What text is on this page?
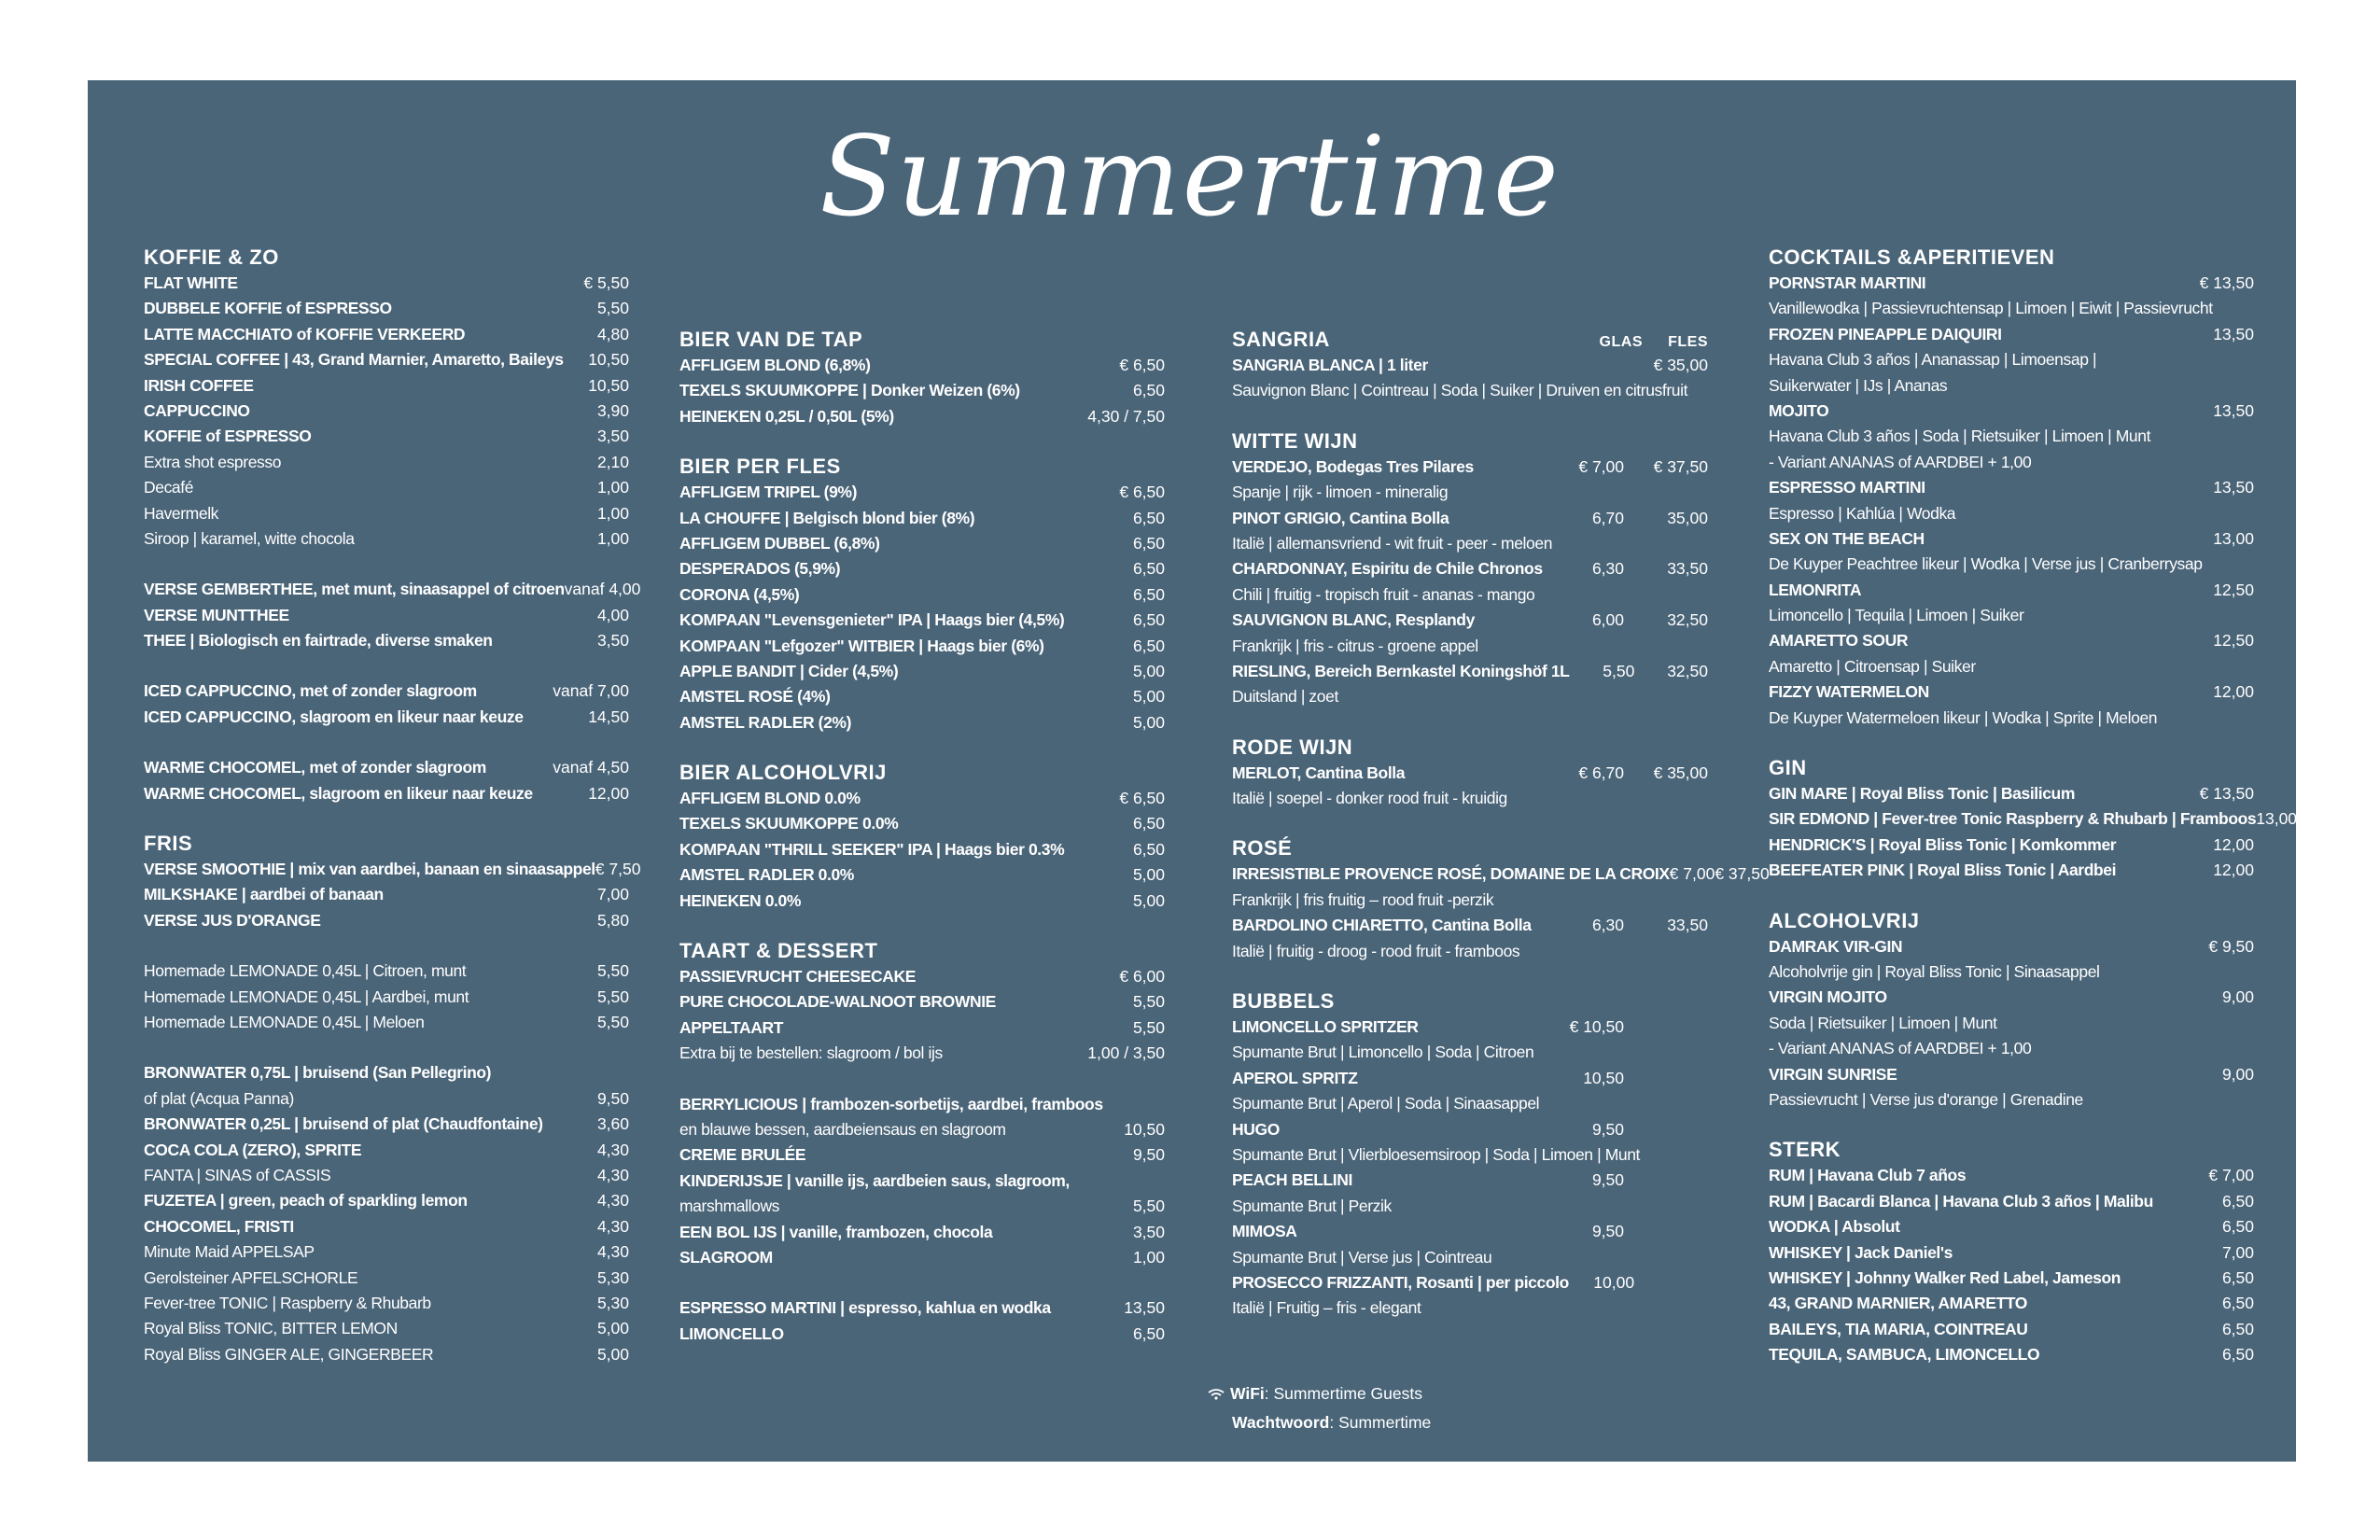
Summertime
KOFFIE & ZO
FLAT WHITE	€ 5,50
DUBBELE KOFFIE of ESPRESSO	5,50
LATTE MACCHIATO of KOFFIE VERKEERD	4,80
SPECIAL COFFEE | 43, Grand Marnier, Amaretto, Baileys	10,50
IRISH COFFEE	10,50
CAPPUCCINO	3,90
KOFFIE of ESPRESSO	3,50
Extra shot espresso	2,10
Decafé	1,00
Havermelk	1,00
Siroop | karamel, witte chocola	1,00
VERSE GEMBERTHEE, met munt, sinaasappel of citroen vanaf 4,00
VERSE MUNTTHEE	4,00
THEE | Biologisch en fairtrade, diverse smaken	3,50
ICED CAPPUCCINO, met of zonder slagroom	vanaf 7,00
ICED CAPPUCCINO, slagroom en likeur naar keuze	14,50
WARME CHOCOMEL, met of zonder slagroom	vanaf 4,50
WARME CHOCOMEL, slagroom en likeur naar keuze	12,00
FRIS
VERSE SMOOTHIE | mix van aardbei, banaan en sinaasappel € 7,50
MILKSHAKE | aardbei of banaan	7,00
VERSE JUS D'ORANGE	5,80
Homemade LEMONADE 0,45L | Citroen, munt	5,50
Homemade LEMONADE 0,45L | Aardbei, munt	5,50
Homemade LEMONADE 0,45L | Meloen	5,50
BRONWATER 0,75L | bruisend (San Pellegrino)
of plat (Acqua Panna)	9,50
BRONWATER 0,25L | bruisend of plat (Chaudfontaine)	3,60
COCA COLA (ZERO), SPRITE	4,30
FANTA | SINAS of CASSIS	4,30
FUZETEA | green, peach of sparkling lemon	4,30
CHOCOMEL, FRISTI	4,30
Minute Maid APPELSAP	4,30
Gerolsteiner APFELSCHORLE	5,30
Fever-tree TONIC | Raspberry & Rhubarb	5,30
Royal Bliss TONIC, BITTER LEMON	5,00
Royal Bliss GINGER ALE, GINGERBEER	5,00
BIER VAN DE TAP
AFFLIGEM BLOND (6,8%)	€ 6,50
TEXELS SKUUMKOPPE | Donker Weizen (6%)	6,50
HEINEKEN 0,25L / 0,50L (5%)	4,30 / 7,50
BIER PER FLES
AFFLIGEM TRIPEL (9%)	€ 6,50
LA CHOUFFE | Belgisch blond bier (8%)	6,50
AFFLIGEM DUBBEL (6,8%)	6,50
DESPERADOS (5,9%)	6,50
CORONA (4,5%)	6,50
KOMPAAN "Levensgenieter" IPA | Haags bier (4,5%)	6,50
KOMPAAN "Lefgozer" WITBIER | Haags bier (6%)	6,50
APPLE BANDIT | Cider (4,5%)	5,00
AMSTEL ROSÉ (4%)	5,00
AMSTEL RADLER (2%)	5,00
BIER ALCOHOLVRIJ
AFFLIGEM BLOND 0.0%	€ 6,50
TEXELS SKUUMKOPPE 0.0%	6,50
KOMPAAN "THRILL SEEKER" IPA | Haags bier 0.3%	6,50
AMSTEL RADLER 0.0%	5,00
HEINEKEN 0.0%	5,00
TAART & DESSERT
PASSIEVRUCHT CHEESECAKE	€ 6,00
PURE CHOCOLADE-WALNOOT BROWNIE	5,50
APPELTAART	5,50
Extra bij te bestellen: slagroom / bol ijs	1,00 / 3,50
BERRYLICIOUS | frambozen-sorbetijs, aardbei, framboos
en blauwe bessen, aardbeiensaus en slagroom	10,50
CREME BRULÉE	9,50
KINDERIJSJE | vanille ijs, aardbeien saus, slagroom,
marshmallows	5,50
EEN BOL IJS | vanille, frambozen, chocola	3,50
SLAGROOM	1,00
ESPRESSO MARTINI | espresso, kahlua en wodka	13,50
LIMONCELLO	6,50
SANGRIA	GLAS	FLES
SANGRIA BLANCA | 1 liter	€ 35,00
Sauvignon Blanc | Cointreau | Soda | Suiker | Druiven en citrusfruit
WITTE WIJN
VERDEJO, Bodegas Tres Pilares	€ 7,00	€ 37,50
Spanje | rijk - limoen - mineralig
PINOT GRIGIO, Cantina Bolla	6,70	35,00
Italië | allemansvriend - wit fruit - peer - meloen
CHARDONNAY, Espiritu de Chile Chronos	6,30	33,50
Chili | fruitig - tropisch fruit - ananas - mango
SAUVIGNON BLANC, Resplandy	6,00	32,50
Frankrijk | fris - citrus - groene appel
RIESLING, Bereich Bernkastel Koningshöf 1L	5,50	32,50
Duitsland | zoet
RODE WIJN
MERLOT, Cantina Bolla	€ 6,70	€ 35,00
Italië | soepel - donker rood fruit - kruidig
ROSÉ
IRRESISTIBLE PROVENCE ROSÉ, DOMAINE DE LA CROIX € 7,00 € 37,50
Frankrijk | fris fruitig – rood fruit -perzik
BARDOLINO CHIARETTO, Cantina Bolla	6,30	33,50
Italië | fruitig - droog - rood fruit - framboos
BUBBELS
LIMONCELLO SPRITZER	€ 10,50
Spumante Brut | Limoncello | Soda | Citroen
APEROL SPRITZ	10,50
Spumante Brut | Aperol | Soda | Sinaasappel
HUGO	9,50
Spumante Brut | Vlierbloesemsiroop | Soda | Limoen | Munt
PEACH BELLINI	9,50
Spumante Brut | Perzik
MIMOSA	9,50
Spumante Brut | Verse jus | Cointreau
PROSECCO FRIZZANTI, Rosanti | per piccolo	10,00
Italië | Fruitig – fris - elegant
WiFi: Summertime Guests
Wachtwoord: Summertime
COCKTAILS &APERITIEVEN
PORNSTAR MARTINI	€ 13,50
Vanillewodka | Passievruchtensap | Limoen | Eiwit | Passievrucht
FROZEN PINEAPPLE DAIQUIRI	13,50
Havana Club 3 años | Ananassap | Limoensap |
Suikerwater | IJs | Ananas
MOJITO	13,50
Havana Club 3 años | Soda | Rietsuiker | Limoen | Munt
- Variant ANANAS of AARDBEI + 1,00
ESPRESSO MARTINI	13,50
Espresso | Kahlúa | Wodka
SEX ON THE BEACH	13,00
De Kuyper Peachtree likeur | Wodka | Verse jus | Cranberrysap
LEMONRITA	12,50
Limoncello | Tequila | Limoen | Suiker
AMARETTO SOUR	12,50
Amaretto | Citroensap | Suiker
FIZZY WATERMELON	12,00
De Kuyper Watermeloen likeur | Wodka | Sprite | Meloen
GIN
GIN MARE | Royal Bliss Tonic | Basilicum	€ 13,50
SIR EDMOND | Fever-tree Tonic Raspberry & Rhubarb | Framboos 13,00
HENDRICK'S | Royal Bliss Tonic | Komkommer	12,00
BEEFEATER PINK | Royal Bliss Tonic | Aardbei	12,00
ALCOHOLVRIJ
DAMRAK VIR-GIN	€ 9,50
Alcoholvrije gin | Royal Bliss Tonic | Sinaasappel
VIRGIN MOJITO	9,00
Soda | Rietsuiker | Limoen | Munt
- Variant ANANAS of AARDBEI + 1,00
VIRGIN SUNRISE	9,00
Passievrucht | Verse jus d'orange | Grenadine
STERK
RUM | Havana Club 7 años	€ 7,00
RUM | Bacardi Blanca | Havana Club 3 años | Malibu	6,50
WODKA | Absolut	6,50
WHISKEY | Jack Daniel's	7,00
WHISKEY | Johnny Walker Red Label, Jameson	6,50
43, GRAND MARNIER, AMARETTO	6,50
BAILEYS, TIA MARIA, COINTREAU	6,50
TEQUILA, SAMBUCA, LIMONCELLO	6,50
